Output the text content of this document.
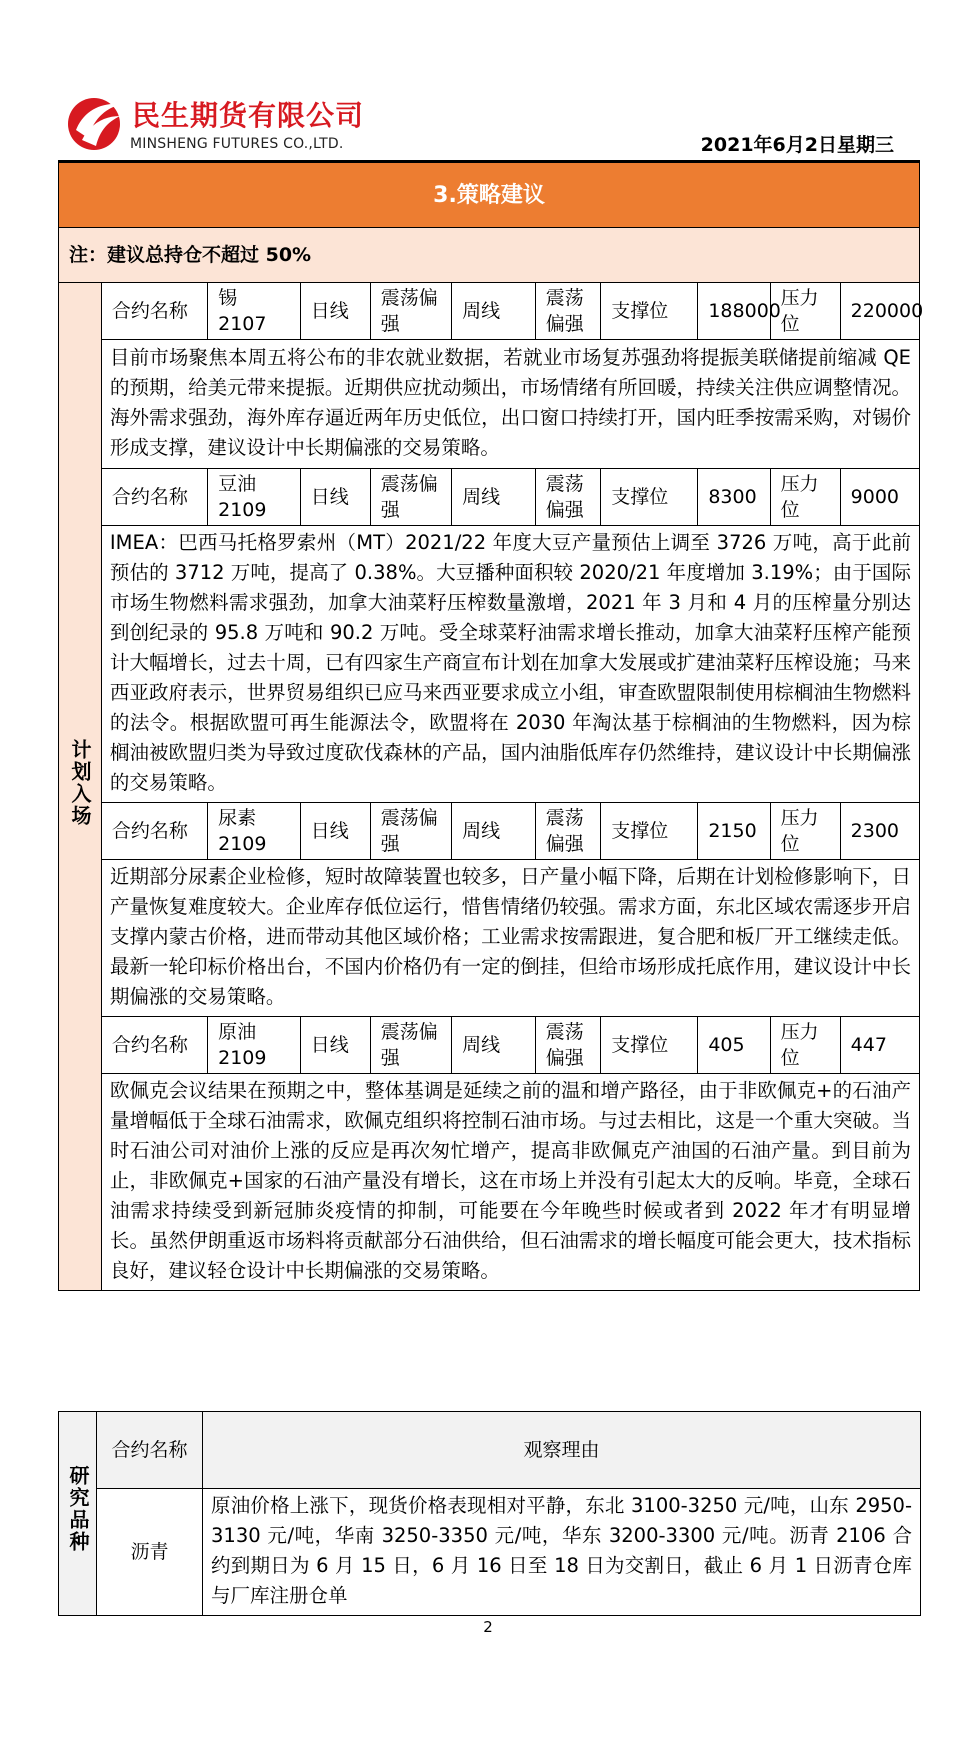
民生期货有限公司
MINSHENG FUTURES CO.,LTD.	2021年6月2日星期三
3.策略建议										
注：建议总持仓不超过 50%										
计划入场	合约名称	锡 2107	日线	震荡偏强	周线	震荡偏强	支撑位	188000	压力位	220000
	目前市场聚焦本周五将公布的非农就业数据，若就业市场复苏强劲将提振美联储提前缩减 QE 的预期，给美元带来提振。近期供应扰动频出，市场情绪有所回暖，持续关注供应调整情况。海外需求强劲，海外库存逼近两年历史低位，出口窗口持续打开，国内旺季按需采购，对锡价形成支撑，建议设计中长期偏涨的交易策略。									
	合约名称	豆油 2109	日线	震荡偏强	周线	震荡偏强	支撑位	8300	压力位	9000
	IMEA：巴西马托格罗索州（MT）2021/22 年度大豆产量预估上调至 3726 万吨，高于此前预估的 3712 万吨，提高了 0.38%。大豆播种面积较 2020/21 年度增加 3.19%；由于国际市场生物燃料需求强劲，加拿大油菜籽压榨数量激增，2021 年 3 月和 4 月的压榨量分别达到创纪录的 95.8 万吨和 90.2 万吨。受全球菜籽油需求增长推动，加拿大油菜籽压榨产能预计大幅增长，过去十周，已有四家生产商宣布计划在加拿大发展或扩建油菜籽压榨设施；马来西亚政府表示，世界贸易组织已应马来西亚要求成立小组，审查欧盟限制使用棕榈油生物燃料的法令。根据欧盟可再生能源法令，欧盟将在 2030 年淘汰基于棕榈油的生物燃料，因为棕榈油被欧盟归类为导致过度砍伐森林的产品，国内油脂低库存仍然维持，建议设计中长期偏涨的交易策略。									
	合约名称	尿素 2109	日线	震荡偏强	周线	震荡偏强	支撑位	2150	压力位	2300
	近期部分尿素企业检修，短时故障装置也较多，日产量小幅下降，后期在计划检修影响下，日产量恢复难度较大。企业库存低位运行，惜售情绪仍较强。需求方面，东北区域农需逐步开启支撑内蒙古价格，进而带动其他区域价格；工业需求按需跟进，复合肥和板厂开工继续走低。最新一轮印标价格出台，不国内价格仍有一定的倒挂，但给市场形成托底作用，建议设计中长期偏涨的交易策略。									
	合约名称	原油 2109	日线	震荡偏强	周线	震荡偏强	支撑位	405	压力位	447
	欧佩克会议结果在预期之中，整体基调是延续之前的温和增产路径，由于非欧佩克+的石油产量增幅低于全球石油需求，欧佩克组织将控制石油市场。与过去相比，这是一个重大突破。当时石油公司对油价上涨的反应是再次匆忙增产，提高非欧佩克产油国的石油产量。到目前为止，非欧佩克+国家的石油产量没有增长，这在市场上并没有引起太大的反响。毕竟，全球石油需求持续受到新冠肺炎疫情的抑制，可能要在今年晚些时候或者到 2022 年才有明显增长。虽然伊朗重返市场料将贡献部分石油供给，但石油需求的增长幅度可能会更大，技术指标良好，建议轻仓设计中长期偏涨的交易策略。									
研究品种	合约名称	观察理由
	沥青	原油价格上涨下，现货价格表现相对平静，东北 3100-3250 元/吨，山东 2950-3130 元/吨，华南 3250-3350 元/吨，华东 3200-3300 元/吨。沥青 2106 合约到期日为 6 月 15 日，6 月 16 日至 18 日为交割日，截止 6 月 1 日沥青仓库与厂库注册仓单
2
